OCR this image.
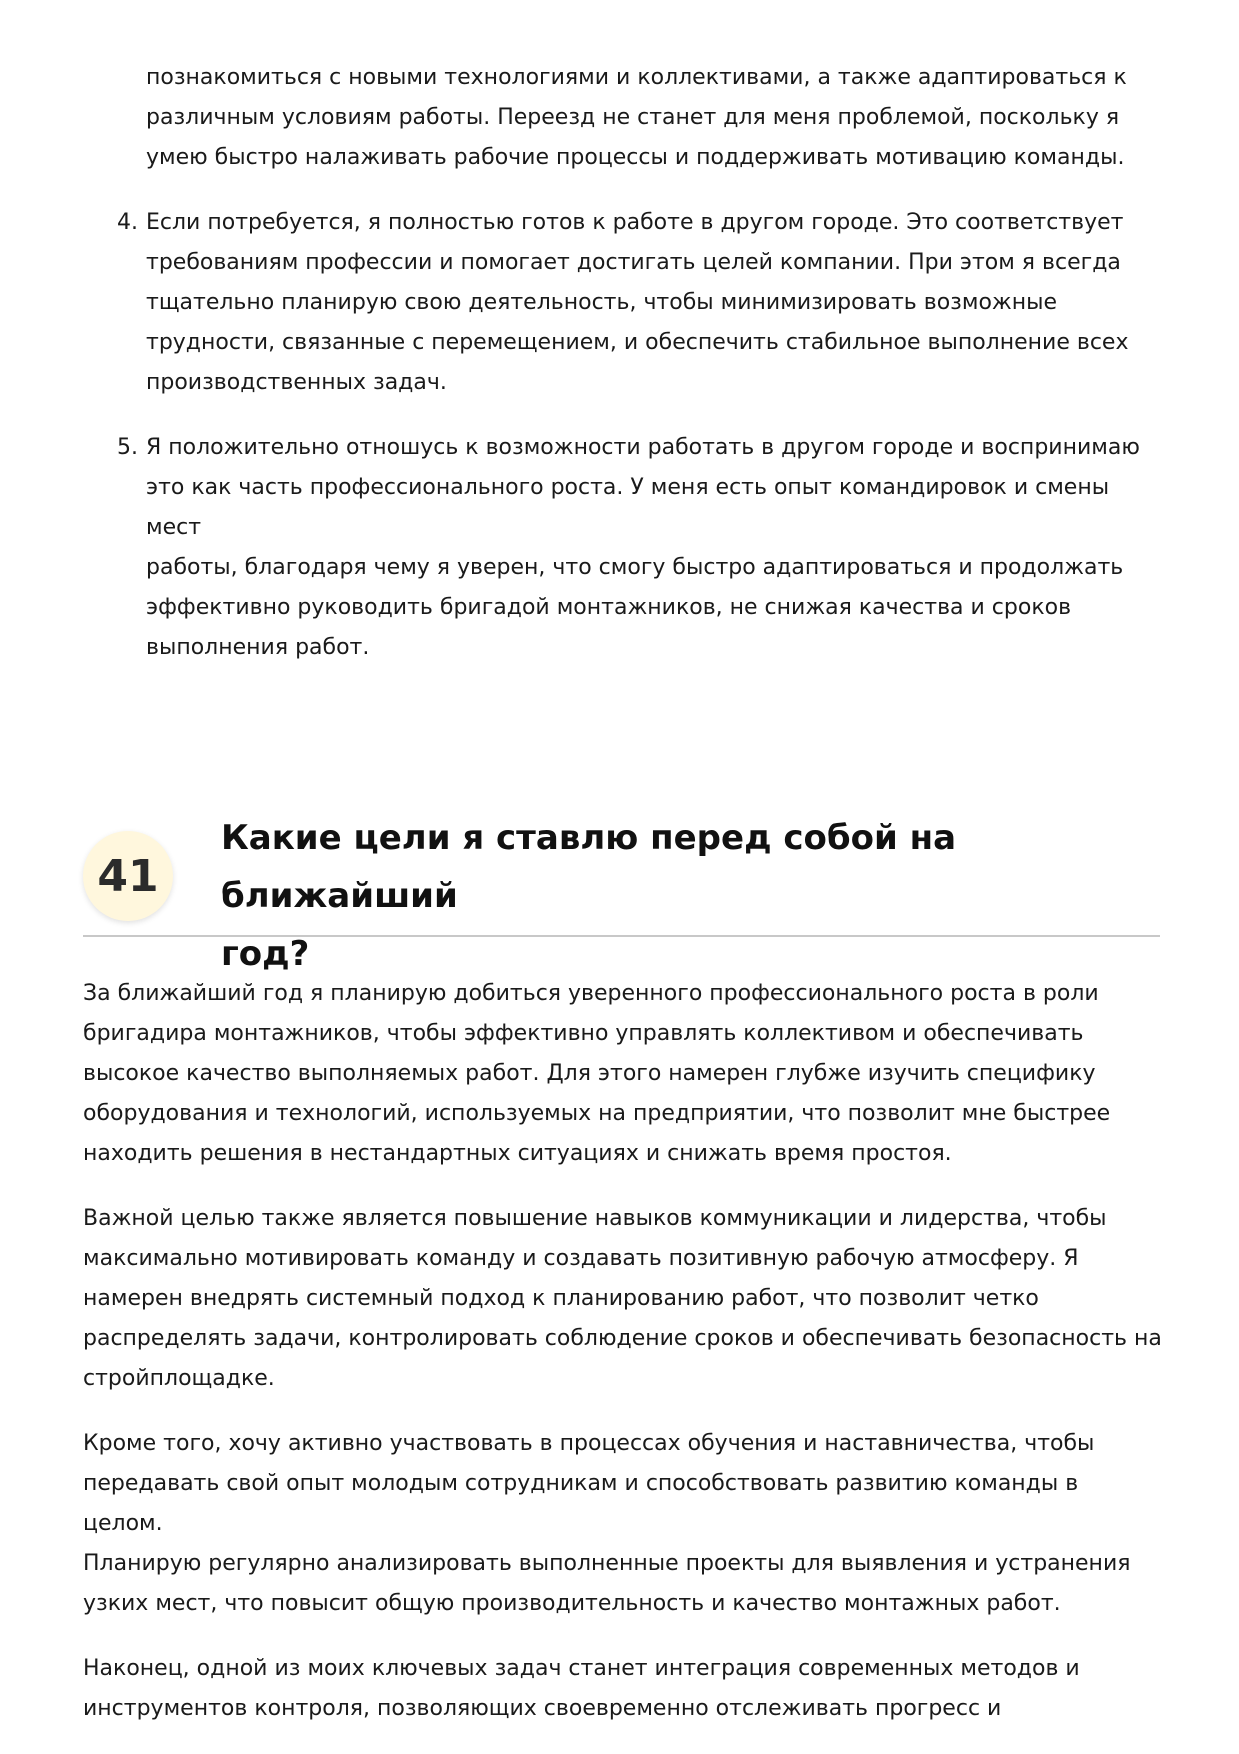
познакомиться с новыми технологиями и коллективами, а также адаптироваться к
различным условиям работы. Переезд не станет для меня проблемой, поскольку я
умею быстро налаживать рабочие процессы и поддерживать мотивацию команды.

4. Если потребуется, я полностью готов к работе в другом городе. Это соответствует
требованиям профессии и помогает достигать целей компании. При этом я всегда
тщательно планирую свою деятельность, чтобы минимизировать возможные
трудности, связанные с перемещением, и обеспечить стабильное выполнение всех
производственных задач.
5. Я положительно отношусь к возможности работать в другом городе и воспринимаю
это как часть профессионального роста. У меня есть опыт командировок и смены мест
работы, благодаря чему я уверен, что смогу быстро адаптироваться и продолжать
эффективно руководить бригадой монтажников, не снижая качества и сроков
выполнения работ.
41
Какие цели я ставлю перед собой на ближайший
год?

За ближайший год я планирую добиться уверенного профессионального роста в роли
бригадира монтажников, чтобы эффективно управлять коллективом и обеспечивать
высокое качество выполняемых работ. Для этого намерен глубже изучить специфику
оборудования и технологий, используемых на предприятии, что позволит мне быстрее
находить решения в нестандартных ситуациях и снижать время простоя.

Важной целью также является повышение навыков коммуникации и лидерства, чтобы
максимально мотивировать команду и создавать позитивную рабочую атмосферу. Я
намерен внедрять системный подход к планированию работ, что позволит четко
распределять задачи, контролировать соблюдение сроков и обеспечивать безопасность на
стройплощадке.

Кроме того, хочу активно участвовать в процессах обучения и наставничества, чтобы
передавать свой опыт молодым сотрудникам и способствовать развитию команды в целом.
Планирую регулярно анализировать выполненные проекты для выявления и устранения
узких мест, что повысит общую производительность и качество монтажных работ.

Наконец, одной из моих ключевых задач станет интеграция современных методов и
инструментов контроля, позволяющих своевременно отслеживать прогресс и
